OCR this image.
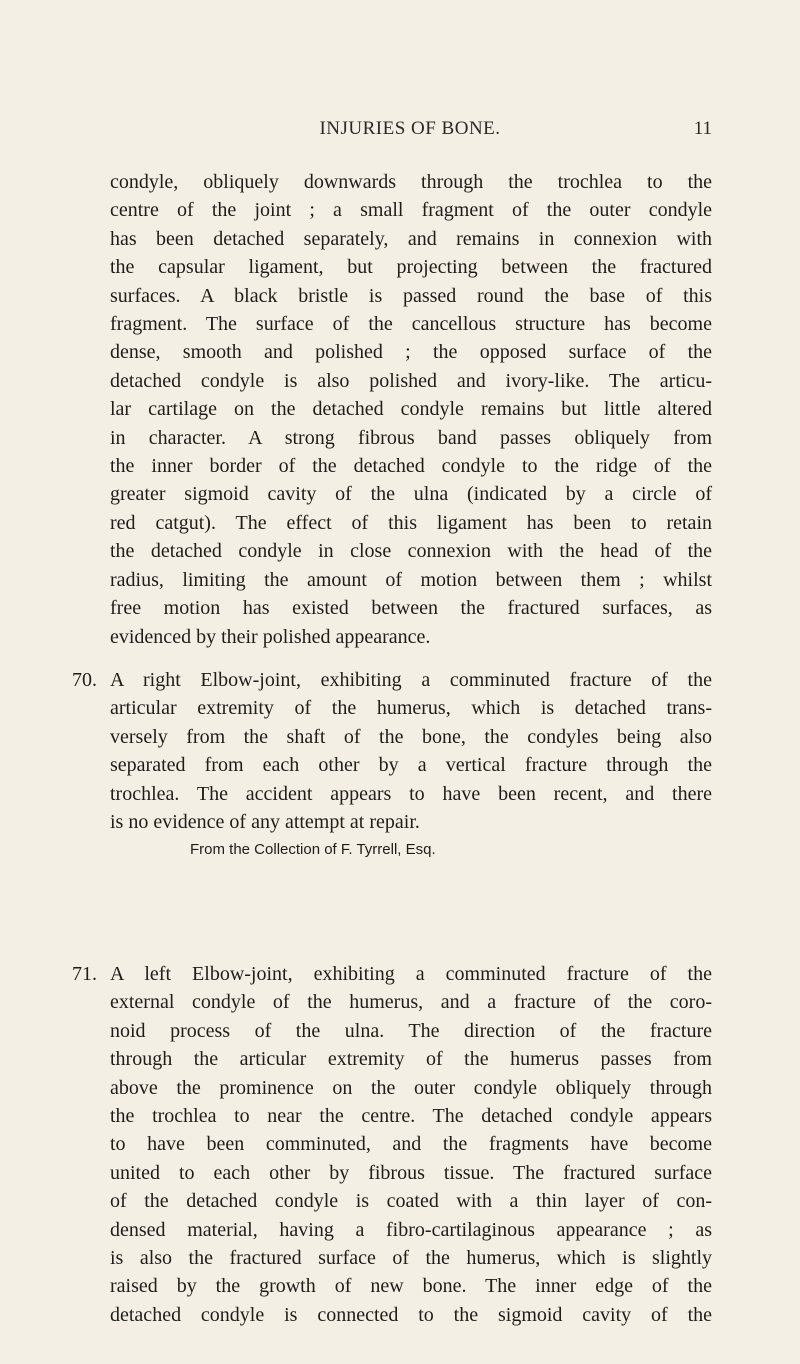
INJURIES OF BONE.	11
condyle, obliquely downwards through the trochlea to the
centre of the joint ; a small fragment of the outer condyle
has been detached separately, and remains in connexion with
the capsular ligament, but projecting between the fractured
surfaces. A black bristle is passed round the base of this
fragment. The surface of the cancellous structure has become
dense, smooth and polished ; the opposed surface of the
detached condyle is also polished and ivory-like. The articu-
lar cartilage on the detached condyle remains but little altered
in character. A strong fibrous band passes obliquely from
the inner border of the detached condyle to the ridge of the
greater sigmoid cavity of the ulna (indicated by a circle of
red catgut). The effect of this ligament has been to retain
the detached condyle in close connexion with the head of the
radius, limiting the amount of motion between them ; whilst
free motion has existed between the fractured surfaces, as
evidenced by their polished appearance.
70. A right Elbow-joint, exhibiting a comminuted fracture of the
articular extremity of the humerus, which is detached trans-
versely from the shaft of the bone, the condyles being also
separated from each other by a vertical fracture through the
trochlea. The accident appears to have been recent, and there
is no evidence of any attempt at repair.
From the Collection of F. Tyrrell, Esq.
71. A left Elbow-joint, exhibiting a comminuted fracture of the
external condyle of the humerus, and a fracture of the coro-
noid process of the ulna. The direction of the fracture
through the articular extremity of the humerus passes from
above the prominence on the outer condyle obliquely through
the trochlea to near the centre. The detached condyle appears
to have been comminuted, and the fragments have become
united to each other by fibrous tissue. The fractured surface
of the detached condyle is coated with a thin layer of con-
densed material, having a fibro-cartilaginous appearance ; as
is also the fractured surface of the humerus, which is slightly
raised by the growth of new bone. The inner edge of the
detached condyle is connected to the sigmoid cavity of the
